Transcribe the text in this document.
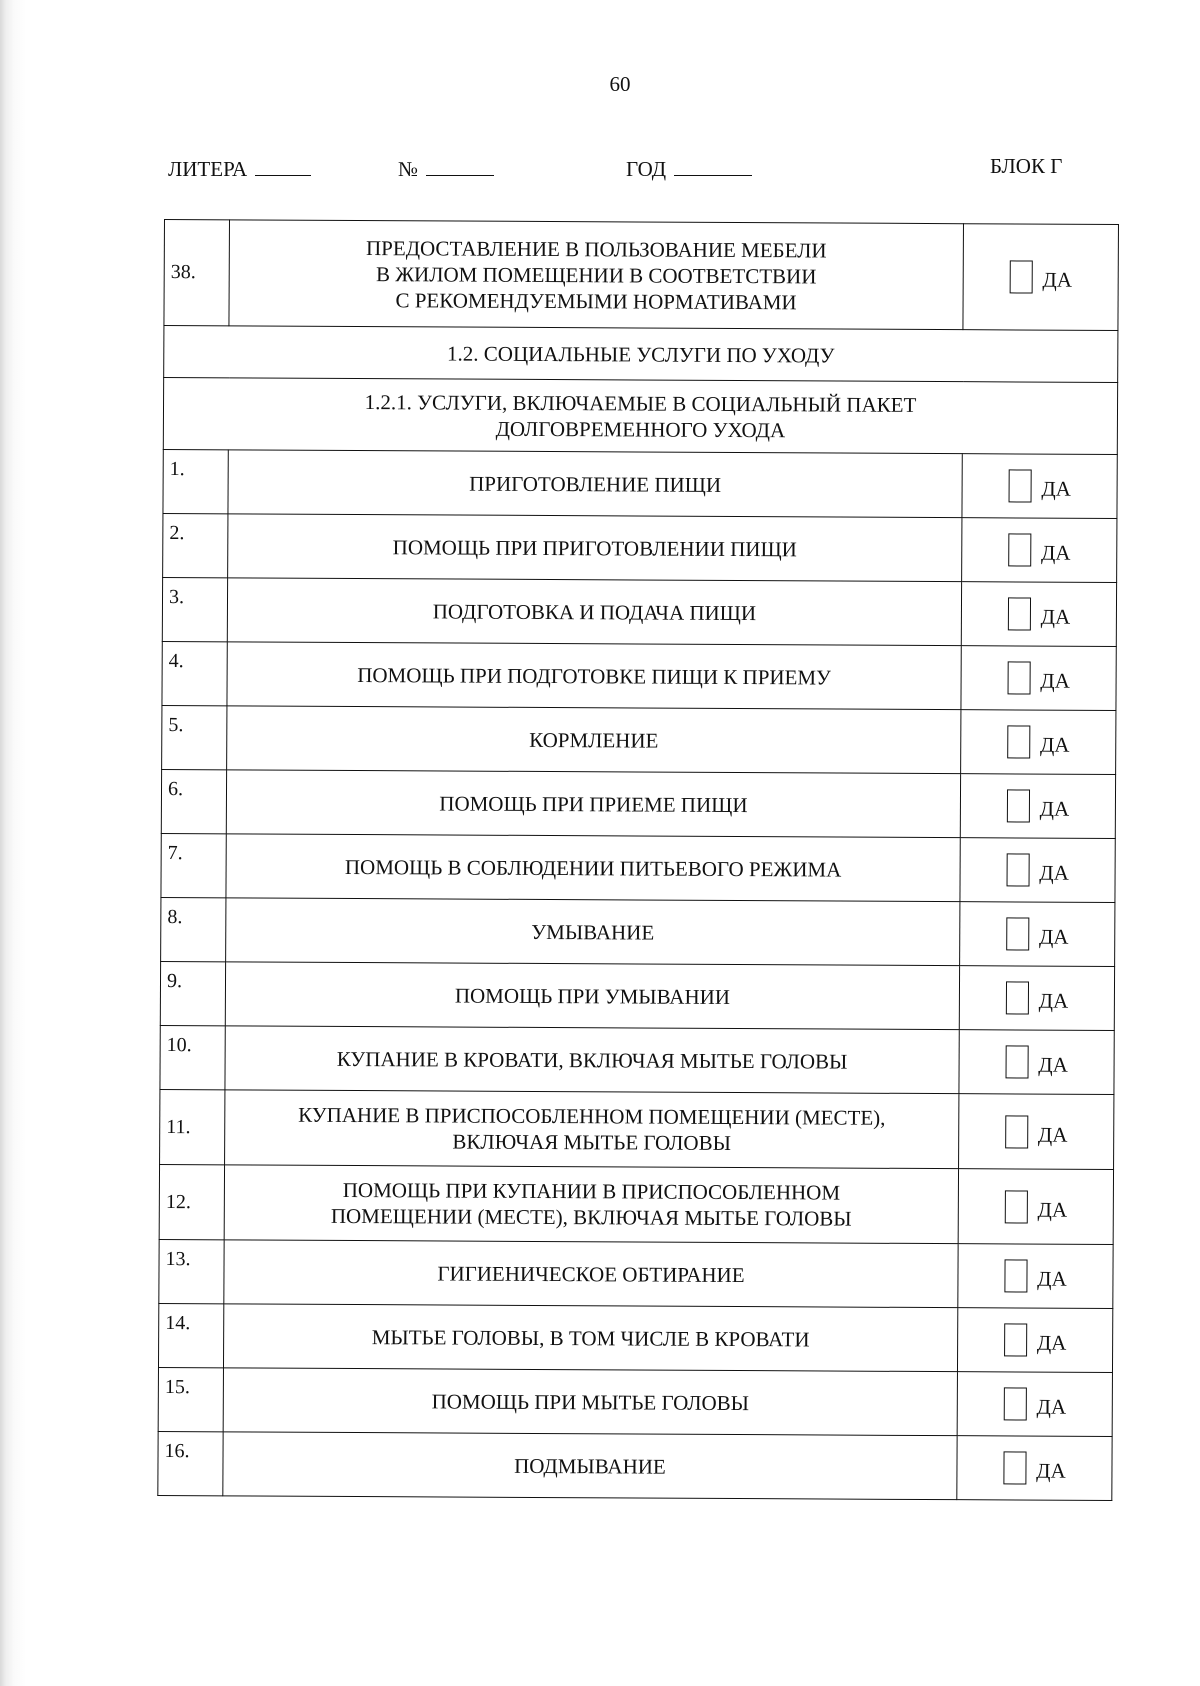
60
ЛИТЕРА	№	ГОД	БЛОК Г
38.	ПРЕДОСТАВЛЕНИЕ В ПОЛЬЗОВАНИЕ МЕБЕЛИ
В ЖИЛОМ ПОМЕЩЕНИИ В СООТВЕТСТВИИ
С РЕКОМЕНДУЕМЫМИ НОРМАТИВАМИ	ДА
1.2. СОЦИАЛЬНЫЕ УСЛУГИ ПО УХОДУ		

1.2.1. УСЛУГИ, ВКЛЮЧАЕМЫЕ В СОЦИАЛЬНЫЙ ПАКЕТ
ДОЛГОВРЕМЕННОГО УХОДА		

1.	ПРИГОТОВЛЕНИЕ ПИЩИ	ДА
2.	ПОМОЩЬ ПРИ ПРИГОТОВЛЕНИИ ПИЩИ	ДА
3.	ПОДГОТОВКА И ПОДАЧА ПИЩИ	ДА
4.	ПОМОЩЬ ПРИ ПОДГОТОВКЕ ПИЩИ К ПРИЕМУ	ДА
5.	КОРМЛЕНИЕ	ДА
6.	ПОМОЩЬ ПРИ ПРИЕМЕ ПИЩИ	ДА
7.	ПОМОЩЬ В СОБЛЮДЕНИИ ПИТЬЕВОГО РЕЖИМА	ДА
8.	УМЫВАНИЕ	ДА
9.	ПОМОЩЬ ПРИ УМЫВАНИИ	ДА
10.	КУПАНИЕ В КРОВАТИ, ВКЛЮЧАЯ МЫТЬЕ ГОЛОВЫ	ДА
11.	КУПАНИЕ В ПРИСПОСОБЛЕННОМ ПОМЕЩЕНИИ (МЕСТЕ),
ВКЛЮЧАЯ МЫТЬЕ ГОЛОВЫ	ДА
12.	ПОМОЩЬ ПРИ КУПАНИИ В ПРИСПОСОБЛЕННОМ
ПОМЕЩЕНИИ (МЕСТЕ), ВКЛЮЧАЯ МЫТЬЕ ГОЛОВЫ	ДА
13.	ГИГИЕНИЧЕСКОЕ ОБТИРАНИЕ	ДА
14.	МЫТЬЕ ГОЛОВЫ, В ТОМ ЧИСЛЕ В КРОВАТИ	ДА
15.	ПОМОЩЬ ПРИ МЫТЬЕ ГОЛОВЫ	ДА
16.	ПОДМЫВАНИЕ	ДА
